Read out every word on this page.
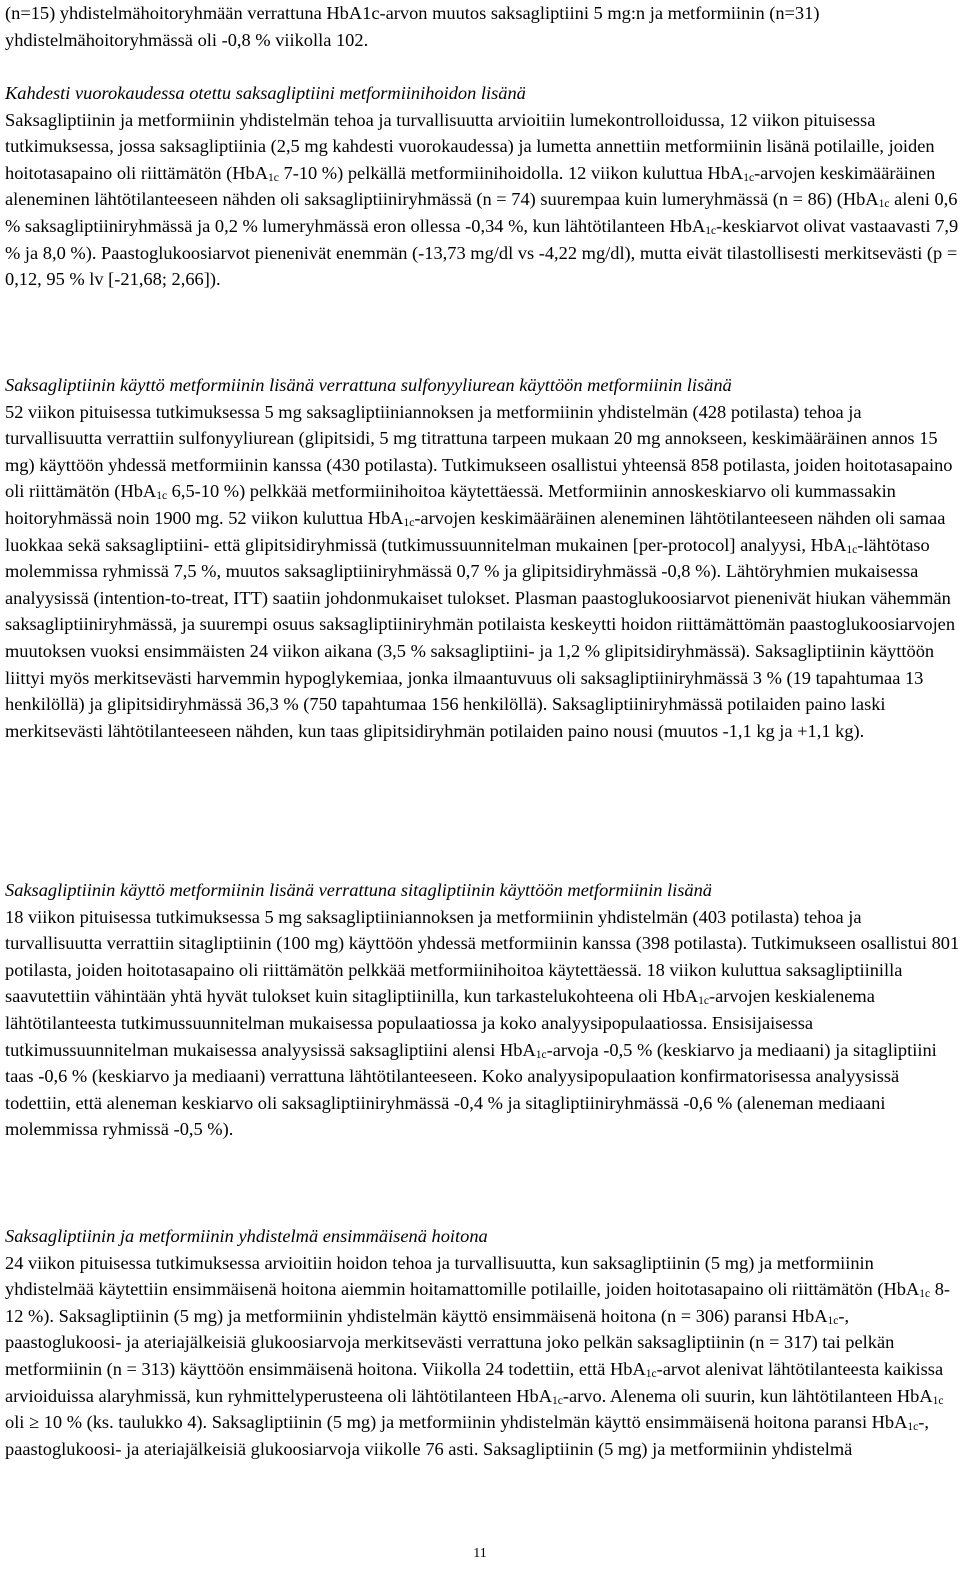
(n=15) yhdistelmähoitoryhmään verrattuna HbA1c-arvon muutos saksagliptiini 5 mg:n ja metformiinin (n=31) yhdistelmähoitoryhmässä oli -0,8 % viikolla 102.
Kahdesti vuorokaudessa otettu saksagliptiini metformiinihoidon lisänä
Saksagliptiinin ja metformiinin yhdistelmän tehoa ja turvallisuutta arvioitiin lumekontrolloidussa, 12 viikon pituisessa tutkimuksessa, jossa saksagliptiinia (2,5 mg kahdesti vuorokaudessa) ja lumetta annettiin metformiinin lisänä potilaille, joiden hoitotasapaino oli riittämätön (HbA$_{1c}$ 7-10 %) pelkällä metformiinihoidolla. 12 viikon kuluttua HbA$_{1c}$-arvojen keskimääräinen aleneminen lähtötilanteeseen nähden oli saksagliptiiniryhmässä (n = 74) suurempaa kuin lumeryhmässä (n = 86) (HbA$_{1c}$ aleni 0,6 % saksagliptiiniryhmässä ja 0,2 % lumeryhmässä eron ollessa -0,34 %, kun lähtötilanteen HbA$_{1c}$-keskiarvot olivat vastaavasti 7,9 % ja 8,0 %). Paastoglukoosiarvot pienenivät enemmän (-13,73 mg/dl vs -4,22 mg/dl), mutta eivät tilastollisesti merkitsevästi (p = 0,12, 95 % lv [-21,68; 2,66]).
Saksagliptiinin käyttö metformiinin lisänä verrattuna sulfonyyliurean käyttöön metformiinin lisänä
52 viikon pituisessa tutkimuksessa 5 mg saksagliptiiniannoksen ja metformiinin yhdistelmän (428 potilasta) tehoa ja turvallisuutta verrattiin sulfonyyliurean (glipitsidi, 5 mg titrattuna tarpeen mukaan 20 mg annokseen, keskimääräinen annos 15 mg) käyttöön yhdessä metformiinin kanssa (430 potilasta). Tutkimukseen osallistui yhteensä 858 potilasta, joiden hoitotasapaino oli riittämätön (HbA$_{1c}$ 6,5-10 %) pelkkää metformiinihoitoa käytettäessä. Metformiinin annoskeskiarvo oli kummassakin hoitoryhmässä noin 1900 mg. 52 viikon kuluttua HbA$_{1c}$-arvojen keskimääräinen aleneminen lähtötilanteeseen nähden oli samaa luokkaa sekä saksagliptiini- että glipitsidiryhmissä (tutkimussuunnitelman mukainen [per-protocol] analyysi, HbA$_{1c}$-lähtötaso molemmissa ryhmissä 7,5 %, muutos saksagliptiiniryhmässä 0,7 % ja glipitsidiryhmässä -0,8 %). Lähtöryhmien mukaisessa analyysissä (intention-to-treat, ITT) saatiin johdonmukaiset tulokset. Plasman paastoglukoosiarvot pienenivät hiukan vähemmän saksagliptiiniryhmässä, ja suurempi osuus saksagliptiiniryhmän potilaista keskeytti hoidon riittämättömän paastoglukoosiarvojen muutoksen vuoksi ensimmäisten 24 viikon aikana (3,5 % saksagliptiini- ja 1,2 % glipitsidiryhmässä). Saksagliptiinin käyttöön liittyi myös merkitsevästi harvemmin hypoglykemiaa, jonka ilmaantuvuus oli saksagliptiiniryhmässä 3 % (19 tapahtumaa 13 henkilöllä) ja glipitsidiryhmässä 36,3 % (750 tapahtumaa 156 henkilöllä). Saksagliptiiniryhmässä potilaiden paino laski merkitsevästi lähtötilanteeseen nähden, kun taas glipitsidiryhmän potilaiden paino nousi (muutos -1,1 kg ja +1,1 kg).
Saksagliptiinin käyttö metformiinin lisänä verrattuna sitagliptiinin käyttöön metformiinin lisänä
18 viikon pituisessa tutkimuksessa 5 mg saksagliptiiniannoksen ja metformiinin yhdistelmän (403 potilasta) tehoa ja turvallisuutta verrattiin sitagliptiinin (100 mg) käyttöön yhdessä metformiinin kanssa (398 potilasta). Tutkimukseen osallistui 801 potilasta, joiden hoitotasapaino oli riittämätön pelkkää metformiinihoitoa käytettäessä. 18 viikon kuluttua saksagliptiinilla saavutettiin vähintään yhtä hyvät tulokset kuin sitagliptiinilla, kun tarkastelukohteena oli HbA$_{1c}$-arvojen keskialenema lähtötilanteesta tutkimussuunnitelman mukaisessa populaatiossa ja koko analyysipopulaatiossa. Ensisijaisessa tutkimussuunnitelman mukaisessa analyysissä saksagliptiini alensi HbA$_{1c}$-arvoja -0,5 % (keskiarvo ja mediaani) ja sitagliptiini taas -0,6 % (keskiarvo ja mediaani) verrattuna lähtötilanteeseen. Koko analyysipopulaation konfirmatorisessa analyysissä todettiin, että aleneman keskiarvo oli saksagliptiiniryhmässä -0,4 % ja sitagliptiiniryhmässä -0,6 % (aleneman mediaani molemmissa ryhmissä -0,5 %).
Saksagliptiinin ja metformiinin yhdistelmä ensimmäisenä hoitona
24 viikon pituisessa tutkimuksessa arvioitiin hoidon tehoa ja turvallisuutta, kun saksagliptiinin (5 mg) ja metformiinin yhdistelmää käytettiin ensimmäisenä hoitona aiemmin hoitamattomille potilaille, joiden hoitotasapaino oli riittämätön (HbA$_{1c}$ 8-12 %). Saksagliptiinin (5 mg) ja metformiinin yhdistelmän käyttö ensimmäisenä hoitona (n = 306) paransi HbA$_{1c}$-, paastoglukoosi- ja ateriajälkeisiä glukoosiarvoja merkitsevästi verrattuna joko pelkän saksagliptiinin (n = 317) tai pelkän metformiinin (n = 313) käyttöön ensimmäisenä hoitona. Viikolla 24 todettiin, että HbA$_{1c}$-arvot alenivat lähtötilanteesta kaikissa arvioiduissa alaryhmissä, kun ryhmittelyperusteena oli lähtötilanteen HbA$_{1c}$-arvo. Alenema oli suurin, kun lähtötilanteen HbA$_{1c}$ oli ≥ 10 % (ks. taulukko 4). Saksagliptiinin (5 mg) ja metformiinin yhdistelmän käyttö ensimmäisenä hoitona paransi HbA$_{1c}$-, paastoglukoosi- ja ateriajälkeisiä glukoosiarvoja viikolle 76 asti. Saksagliptiinin (5 mg) ja metformiinin yhdistelmä
11
